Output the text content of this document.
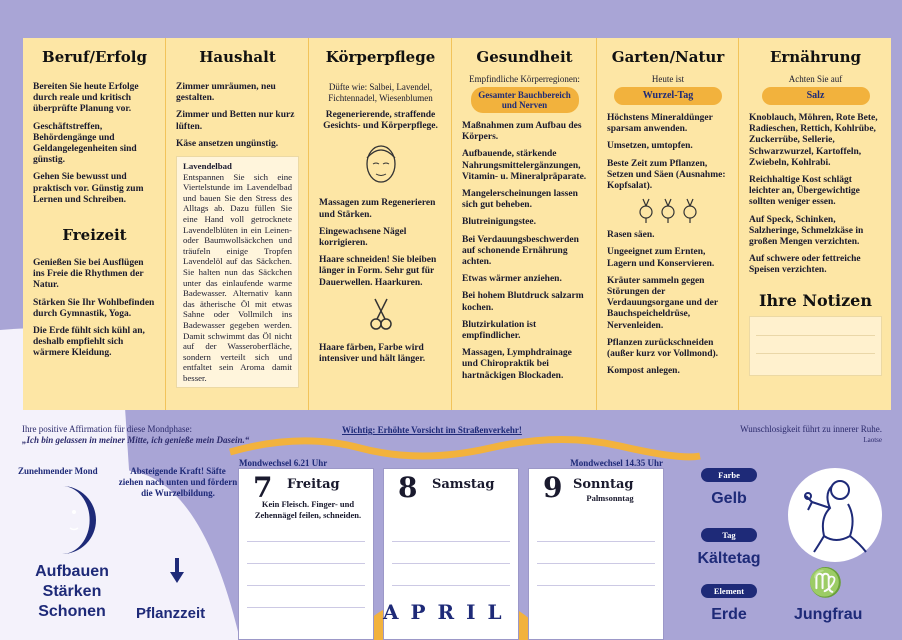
Beruf/Erfolg

Bereiten Sie heute Erfolge durch reale und kritisch überprüfte Planung vor.

Geschäftstreffen, Behördengänge und Geldangelegenheiten sind günstig.

Gehen Sie bewusst und praktisch vor. Günstig zum Lernen und Schreiben.

Freizeit

Genießen Sie bei Ausflügen ins Freie die Rhythmen der Natur.

Stärken Sie Ihr Wohlbefinden durch Gymnastik, Yoga.

Die Erde fühlt sich kühl an, deshalb empfiehlt sich wärmere Kleidung.

Haushalt

Zimmer umräumen, neu gestalten.

Zimmer und Betten nur kurz lüften.

Käse ansetzen ungünstig.

Lavendelbad
Entspannen Sie sich eine Viertelstunde im Lavendelbad und bauen Sie den Stress des Alltags ab. Dazu füllen Sie eine Hand voll getrocknete Lavendelblüten in ein Leinen- oder Baumwollsäckchen und träufeln einige Tropfen Lavendelöl auf das Säckchen. Sie halten nun das Säckchen unter das einlaufende warme Badewasser. Alternativ kann das ätherische Öl mit etwas Sahne oder Vollmilch ins Badewasser gegeben werden. Damit schwimmt das Öl nicht auf der Wasseroberfläche, sondern verteilt sich und entfaltet sein Aroma damit besser.
Körperpflege
Düfte wie: Salbei, Lavendel, Fichtennadel, Wiesenblumen

Regenerierende, straffende Gesichts- und Körperpflege.

Massagen zum Regenerieren und Stärken.

Eingewachsene Nägel korrigieren.

Haare schneiden! Sie bleiben länger in Form. Sehr gut für Dauerwellen. Haarkuren.

Haare färben, Farbe wird intensiver und hält länger.

Gesundheit
Empfindliche Körperregionen:
Gesamter Bauchbereich und Nerven

Maßnahmen zum Aufbau des Körpers.

Aufbauende, stärkende Nahrungsmittelergänzungen, Vitamin- u. Mineralpräparate.

Mangelerscheinungen lassen sich gut beheben.

Blutreinigungstee.

Bei Verdauungsbeschwerden auf schonende Ernährung achten.

Etwas wärmer anziehen.

Bei hohem Blutdruck salzarm kochen.

Blutzirkulation ist empfindlicher.

Massagen, Lymphdrainage und Chiropraktik bei hartnäckigen Blockaden.

Garten/Natur
Heute ist
Wurzel-Tag

Höchstens Mineraldünger sparsam anwenden.

Umsetzen, umtopfen.

Beste Zeit zum Pflanzen, Setzen und Säen (Ausnahme: Kopfsalat).

Rasen säen.

Ungeeignet zum Ernten, Lagern und Konservieren.

Kräuter sammeln gegen Störungen der Verdauungsorgane und der Bauchspeicheldrüse, Nervenleiden.

Pflanzen zurückschneiden (außer kurz vor Vollmond).

Kompost anlegen.

Ernährung
Achten Sie auf
Salz

Knoblauch, Möhren, Rote Bete, Radieschen, Rettich, Kohlrübe, Zuckerrübe, Sellerie, Schwarzwurzel, Kartoffeln, Zwiebeln, Kohlrabi.

Reichhaltige Kost schlägt leichter an, Übergewichtige sollten weniger essen.

Auf Speck, Schinken, Salzheringe, Schmelzkäse in großen Mengen verzichten.

Auf schwere oder fettreiche Speisen verzichten.

Ihre Notizen
Ihre positive Affirmation für diese Mondphase:
„Ich bin gelassen in meiner Mitte, ich genieße mein Dasein.“
Wichtig: Erhöhte Vorsicht im Straßenverkehr!	Wunschlosigkeit führt zu innerer Ruhe.
Laotse
Zunehmender Mond	Absteigende Kraft! Säfte ziehen nach unten und fördern die Wurzelbildung.
Aufbauen
Stärken
Schonen	Pflanzzeit
Mondwechsel 6.21 Uhr
7 Freitag
Kein Fleisch. Finger- und Zehennägel feilen, schneiden.
8 Samstag
Mondwechsel 14.35 Uhr
9 Sonntag
Palmsonntag
APRIL
Farbe
Gelb
Tag
Kältetag
Element
Erde
♍
Jungfrau
